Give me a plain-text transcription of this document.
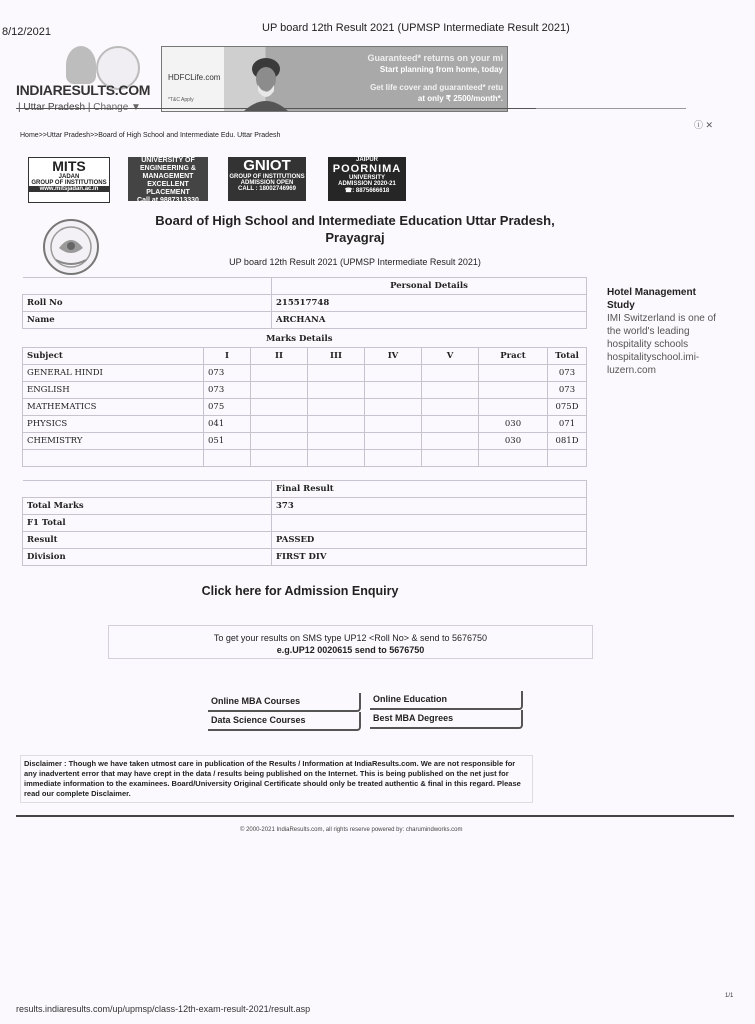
8/12/2021	UP board 12th Result 2021 (UPMSP Intermediate Result 2021)
INDIARESULTS.COM
HDFCLife.com
*T&C Apply
Guaranteed* returns on your mi
Start planning from home, today
Get life cover and guaranteed* retu
at only ₹ 2500/month*.
Home>>Uttar Pradesh>>Board of High School and Intermediate Edu. Uttar Pradesh
ⓘ ✕
Hotel Management Study
IMI Switzerland is one of the world's leading hospitality schools hospitalityschool.imi-luzern.com
MITS
JADAN
GROUP OF INSTITUTIONS
www.mitsjadan.ac.in
UNIVERSITY OF
ENGINEERING &
MANAGEMENT
EXCELLENT PLACEMENT
Call at 9887313330
GNIOT
GROUP OF INSTITUTIONS
ADMISSION OPEN
CALL : 18002746969
JAIPUR
POORNIMA
UNIVERSITY
ADMISSION 2020-21
☎: 8875666618
Board of High School and Intermediate Education Uttar Pradesh, Prayagraj
UP board 12th Result 2021 (UPMSP Intermediate Result 2021)
	Personal Details
Roll No	215517748
Name	ARCHANA
Marks Details
Subject	I	II	III	IV	V	Pract	Total
GENERAL HINDI	073						073
ENGLISH	073						073
MATHEMATICS	075						075D
PHYSICS	041					030	071
CHEMISTRY	051					030	081D

	Final Result
Total Marks	373
F1 Total	
Result	PASSED
Division	FIRST DIV
Click here for Admission Enquiry
To get your results on SMS type UP12 <Roll No> & send to 5676750
e.g.UP12 0020615 send to 5676750
Online MBA Courses	Online Education
Data Science Courses	Best MBA Degrees
Disclaimer : Though we have taken utmost care in publication of the Results / Information at IndiaResults.com. We are not responsible for any inadvertent error that may have crept in the data / results being published on the Internet. This is being published on the net just for immediate information to the examinees. Board/University Original Certificate should only be treated authentic & final in this regard. Please read our complete Disclaimer.
© 2000-2021 IndiaResults.com, all rights reserve powered by: charumindworks.com
1/1
results.indiaresults.com/up/upmsp/class-12th-exam-result-2021/result.asp
